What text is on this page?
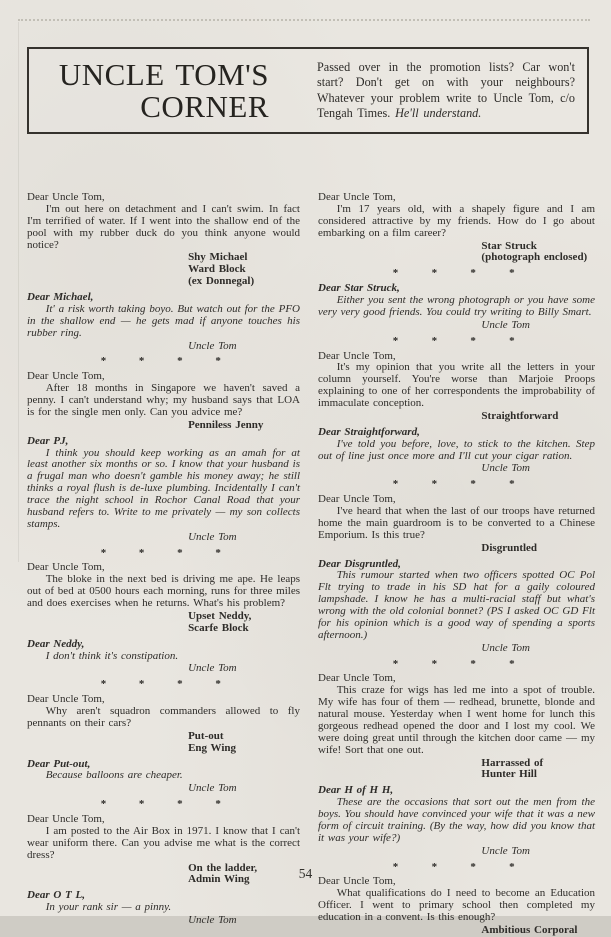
UNCLE TOM'S
CORNER
Passed over in the promotion lists? Car won't start? Don't get on with your neighbours? Whatever your problem write to Uncle Tom, c/o Tengah Times. He'll understand.
Dear Uncle Tom,

I'm out here on detachment and I can't swim. In fact I'm terrified of water. If I went into the shallow end of the pool with my rubber duck do you think anyone would notice?

Shy Michael
Ward Block
(ex Donnegal)
Dear Michael,

It' a risk worth taking boyo. But watch out for the PFO in the shallow end — he gets mad if anyone touches his rubber ring.

Uncle Tom
*	*	*	*
Dear Uncle Tom,

After 18 months in Singapore we haven't saved a penny. I can't understand why; my husband says that LOA is for the single men only. Can you advice me?

Penniless Jenny
Dear PJ,

I think you should keep working as an amah for at least another six months or so. I know that your husband is a frugal man who doesn't gamble his money away; he still thinks a royal flush is de-luxe plumbing. Incidentally I can't trace the night school in Rochor Canal Road that your husband refers to. Write to me privately — my son collects stamps.

Uncle Tom
*	*	*	*
Dear Uncle Tom,

The bloke in the next bed is driving me ape. He leaps out of bed at 0500 hours each morning, runs for three miles and does exercises when he returns. What's his problem?

Upset Neddy,
Scarfe Block
Dear Neddy,

I don't think it's constipation.

Uncle Tom
*	*	*	*
Dear Uncle Tom,

Why aren't squadron commanders allowed to fly pennants on their cars?

Put-out
Eng Wing
Dear Put-out,

Because balloons are cheaper.

Uncle Tom
*	*	*	*
Dear Uncle Tom,

I am posted to the Air Box in 1971. I know that I can't wear uniform there. Can you advise me what is the correct dress?

On the ladder,
Admin Wing
Dear O T L,

In your rank sir — a pinny.

Uncle Tom
Dear Uncle Tom,

I'm 17 years old, with a shapely figure and I am considered attractive by my friends. How do I go about embarking on a film career?

Star Struck
(photograph enclosed)
*	*	*	*
Dear Star Struck,

Either you sent the wrong photograph or you have some very very good friends. You could try writing to Billy Smart.

Uncle Tom
*	*	*	*
Dear Uncle Tom,

It's my opinion that you write all the letters in your column yourself. You're worse than Marjoie Proops explaining to one of her correspondents the improbability of immaculate conception.

Straightforward
Dear Straightforward,

I've told you before, love, to stick to the kitchen. Step out of line just once more and I'll cut your cigar ration.

Uncle Tom
*	*	*	*
Dear Uncle Tom,

I've heard that when the last of our troops have returned home the main guardroom is to be converted to a Chinese Emporium. Is this true?

Disgruntled
Dear Disgruntled,

This rumour started when two officers spotted OC Pol Flt trying to trade in his SD hat for a gaily coloured lampshade. I know he has a multi-racial staff but what's wrong with the old colonial bonnet? (PS I asked OC GD Flt for his opinion which is a good way of spending a sports afternoon.)

Uncle Tom
*	*	*	*
Dear Uncle Tom,

This craze for wigs has led me into a spot of trouble. My wife has four of them — redhead, brunette, blonde and natural mouse. Yesterday when I went home for lunch this gorgeous redhead opened the door and I lost my cool. We were doing great until through the kitchen door came — my wife! Sort that one out.

Harrassed of
Hunter Hill
Dear H of H H,

These are the occasions that sort out the men from the boys. You should have convinced your wife that it was a new form of circuit training. (By the way, how did you know that it was your wife?)

Uncle Tom
*	*	*	*
Dear Uncle Tom,

What qualifications do I need to become an Education Officer. I went to primary school then completed my education in a convent. Is this enough?

Ambitious Corporal
54
